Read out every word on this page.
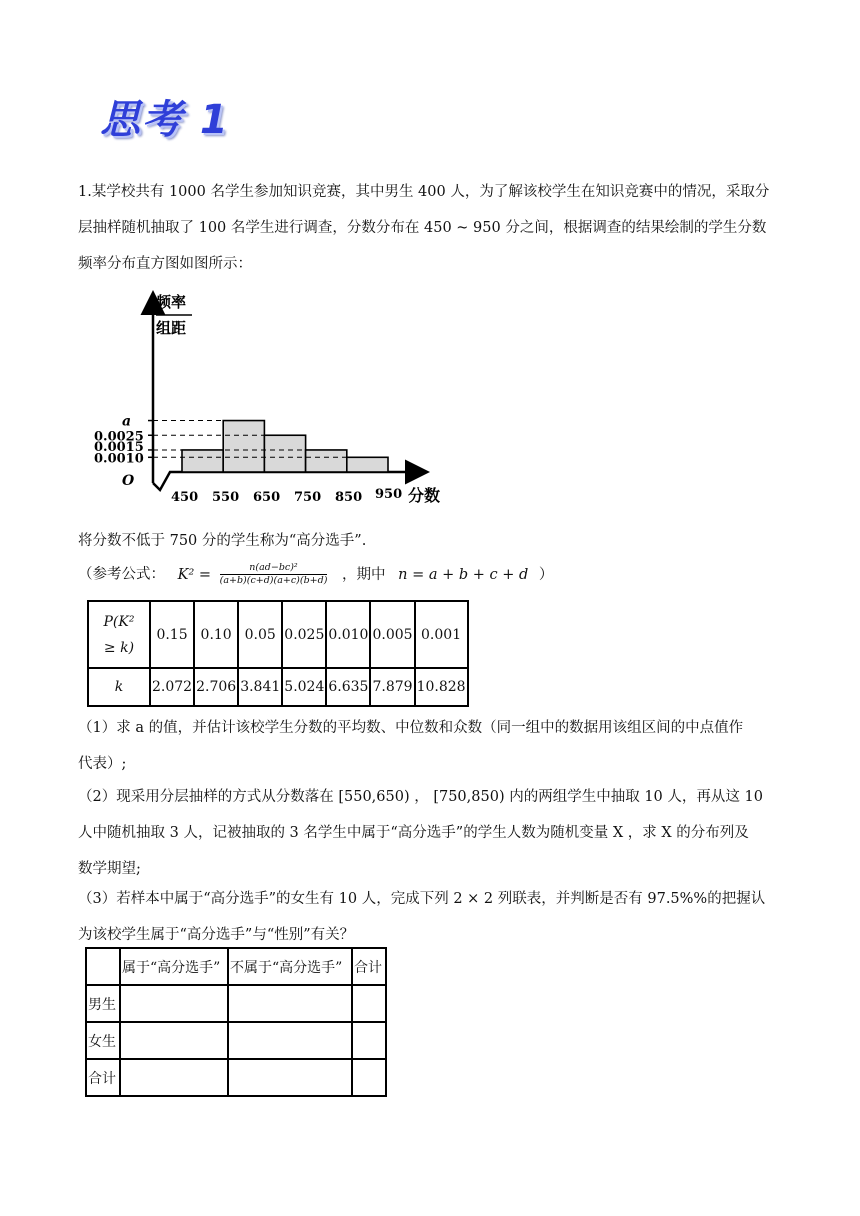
思考 1
1.某学校共有 1000 名学生参加知识竞赛，其中男生 400 人，为了解该校学生在知识竞赛中的情况，采取分
层抽样随机抽取了 100 名学生进行调查，分数分布在 450 ~ 950 分之间，根据调查的结果绘制的学生分数
频率分布直方图如图所示：
频率
组距
O
a
0.0025
0.0015
0.0010
450 550 650 750 850 950 分数
将分数不低于 750 分的学生称为“高分选手”.
（参考公式： $K^2 = \frac{\text{n(ad−bc)²}}{(a+b)(c+d)(a+c)(b+d)}$ ，期中 n = a + b + c + d ）
P(K²
≥ k)	0.15	0.10	0.05	0.025	0.010	0.005	0.001
k	2.072	2.706	3.841	5.024	6.635	7.879	10.828
（1）求 a 的值，并估计该校学生分数的平均数、中位数和众数（同一组中的数据用该组区间的中点值作
代表）;
（2）现采用分层抽样的方式从分数落在 [550,650) ， [750,850) 内的两组学生中抽取 10 人，再从这 10
人中随机抽取 3 人，记被抽取的 3 名学生中属于“高分选手”的学生人数为随机变量 X ，求 X 的分布列及
数学期望;
（3）若样本中属于“高分选手”的女生有 10 人，完成下列 2 × 2 列联表，并判断是否有 97.5%%的把握认
为该校学生属于“高分选手”与“性别”有关？
	属于“高分选手”	不属于“高分选手”	合计
男生			
女生			
合计			
